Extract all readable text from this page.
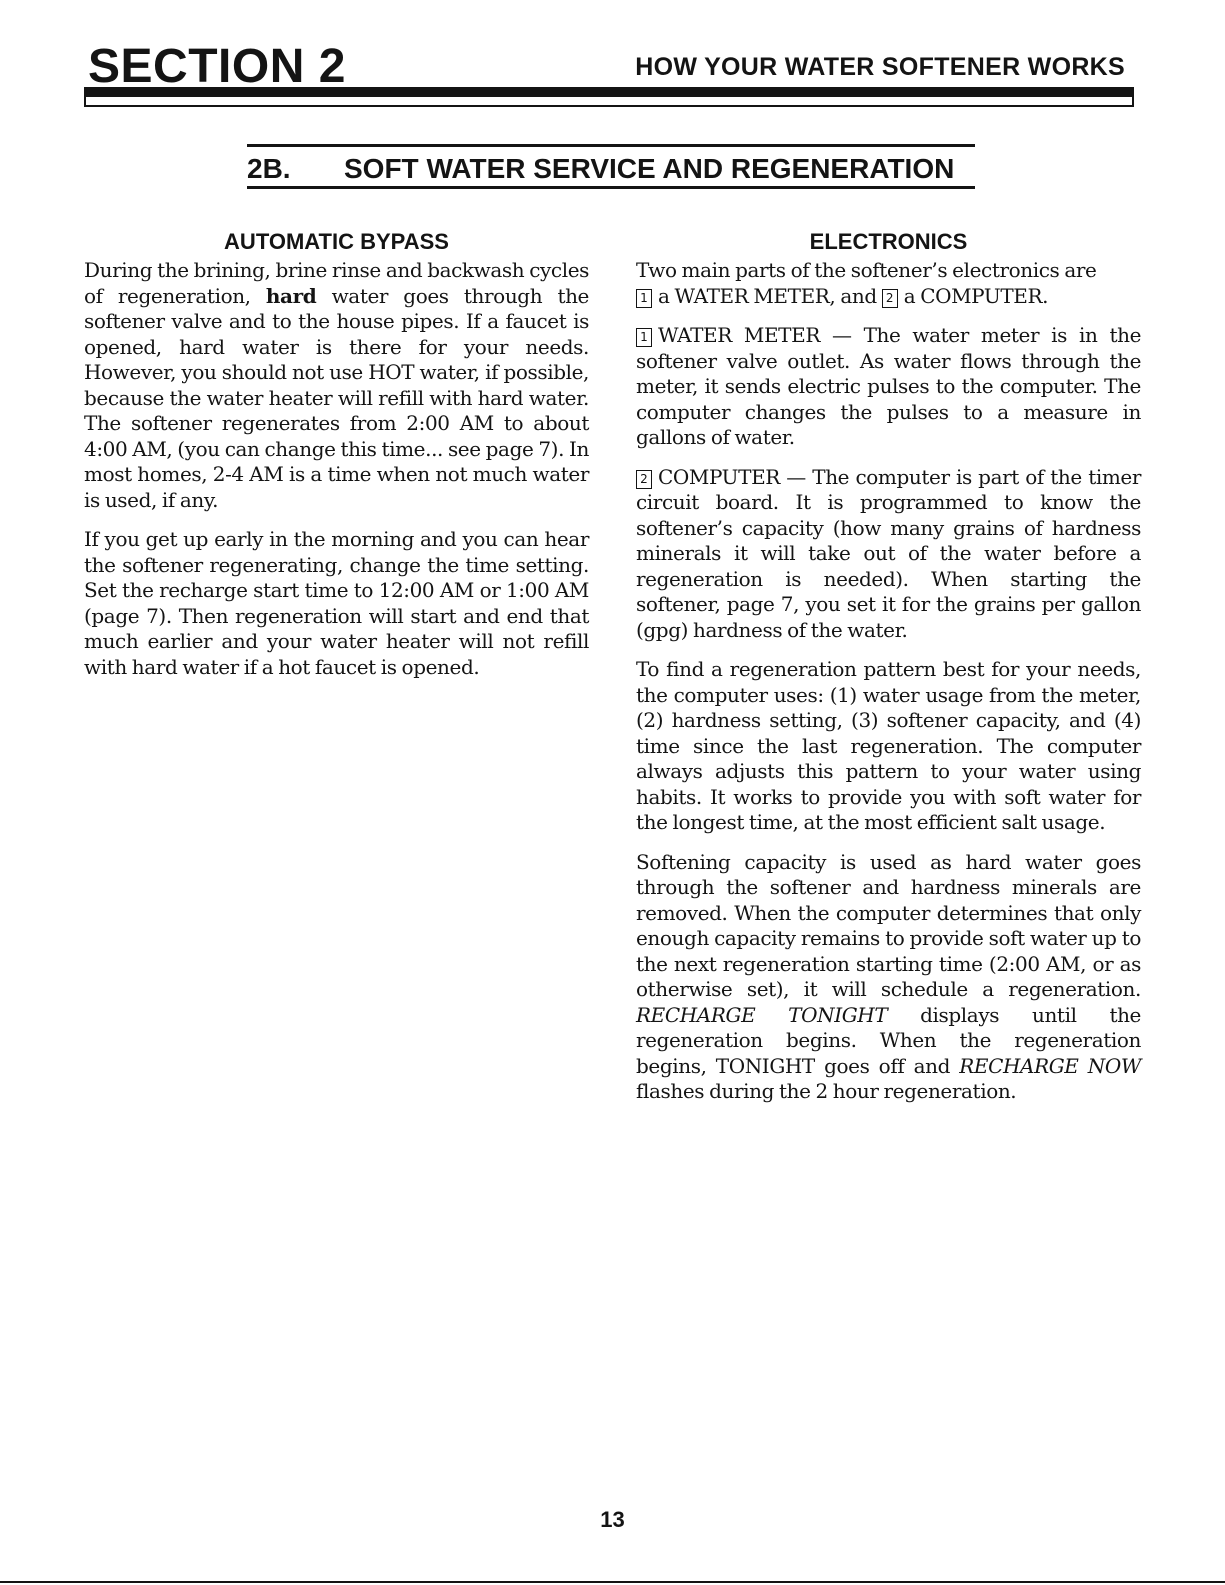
SECTION 2	HOW YOUR WATER SOFTENER WORKS
2B. SOFT WATER SERVICE AND REGENERATION
AUTOMATIC BYPASS

During the brining, brine rinse and backwash cycles of regeneration, hard water goes through the softener valve and to the house pipes. If a faucet is opened, hard water is there for your needs. However, you should not use HOT water, if possible, because the water heater will refill with hard water. The softener regenerates from 2:00 AM to about 4:00 AM, (you can change this time... see page 7). In most homes, 2-4 AM is a time when not much water is used, if any.

If you get up early in the morning and you can hear the softener regenerating, change the time setting. Set the recharge start time to 12:00 AM or 1:00 AM (page 7). Then regeneration will start and end that much earlier and your water heater will not refill with hard water if a hot faucet is opened.

ELECTRONICS

Two main parts of the softener’s electronics are
1 a WATER METER, and 2 a COMPUTER.

1 WATER METER — The water meter is in the softener valve outlet. As water flows through the meter, it sends electric pulses to the computer. The computer changes the pulses to a measure in gallons of water.

2 COMPUTER — The computer is part of the timer circuit board. It is programmed to know the softener’s capacity (how many grains of hardness minerals it will take out of the water before a regeneration is needed). When starting the softener, page 7, you set it for the grains per gallon (gpg) hardness of the water.

To find a regeneration pattern best for your needs, the computer uses: (1) water usage from the meter, (2) hardness setting, (3) softener capacity, and (4) time since the last regeneration. The computer always adjusts this pattern to your water using habits. It works to provide you with soft water for the longest time, at the most efficient salt usage.

Softening capacity is used as hard water goes through the softener and hardness minerals are removed. When the computer determines that only enough capacity remains to provide soft water up to the next regeneration starting time (2:00 AM, or as otherwise set), it will schedule a regeneration. RECHARGE TONIGHT displays until the regeneration begins. When the regeneration begins, TONIGHT goes off and RECHARGE NOW flashes during the 2 hour regeneration.

13
